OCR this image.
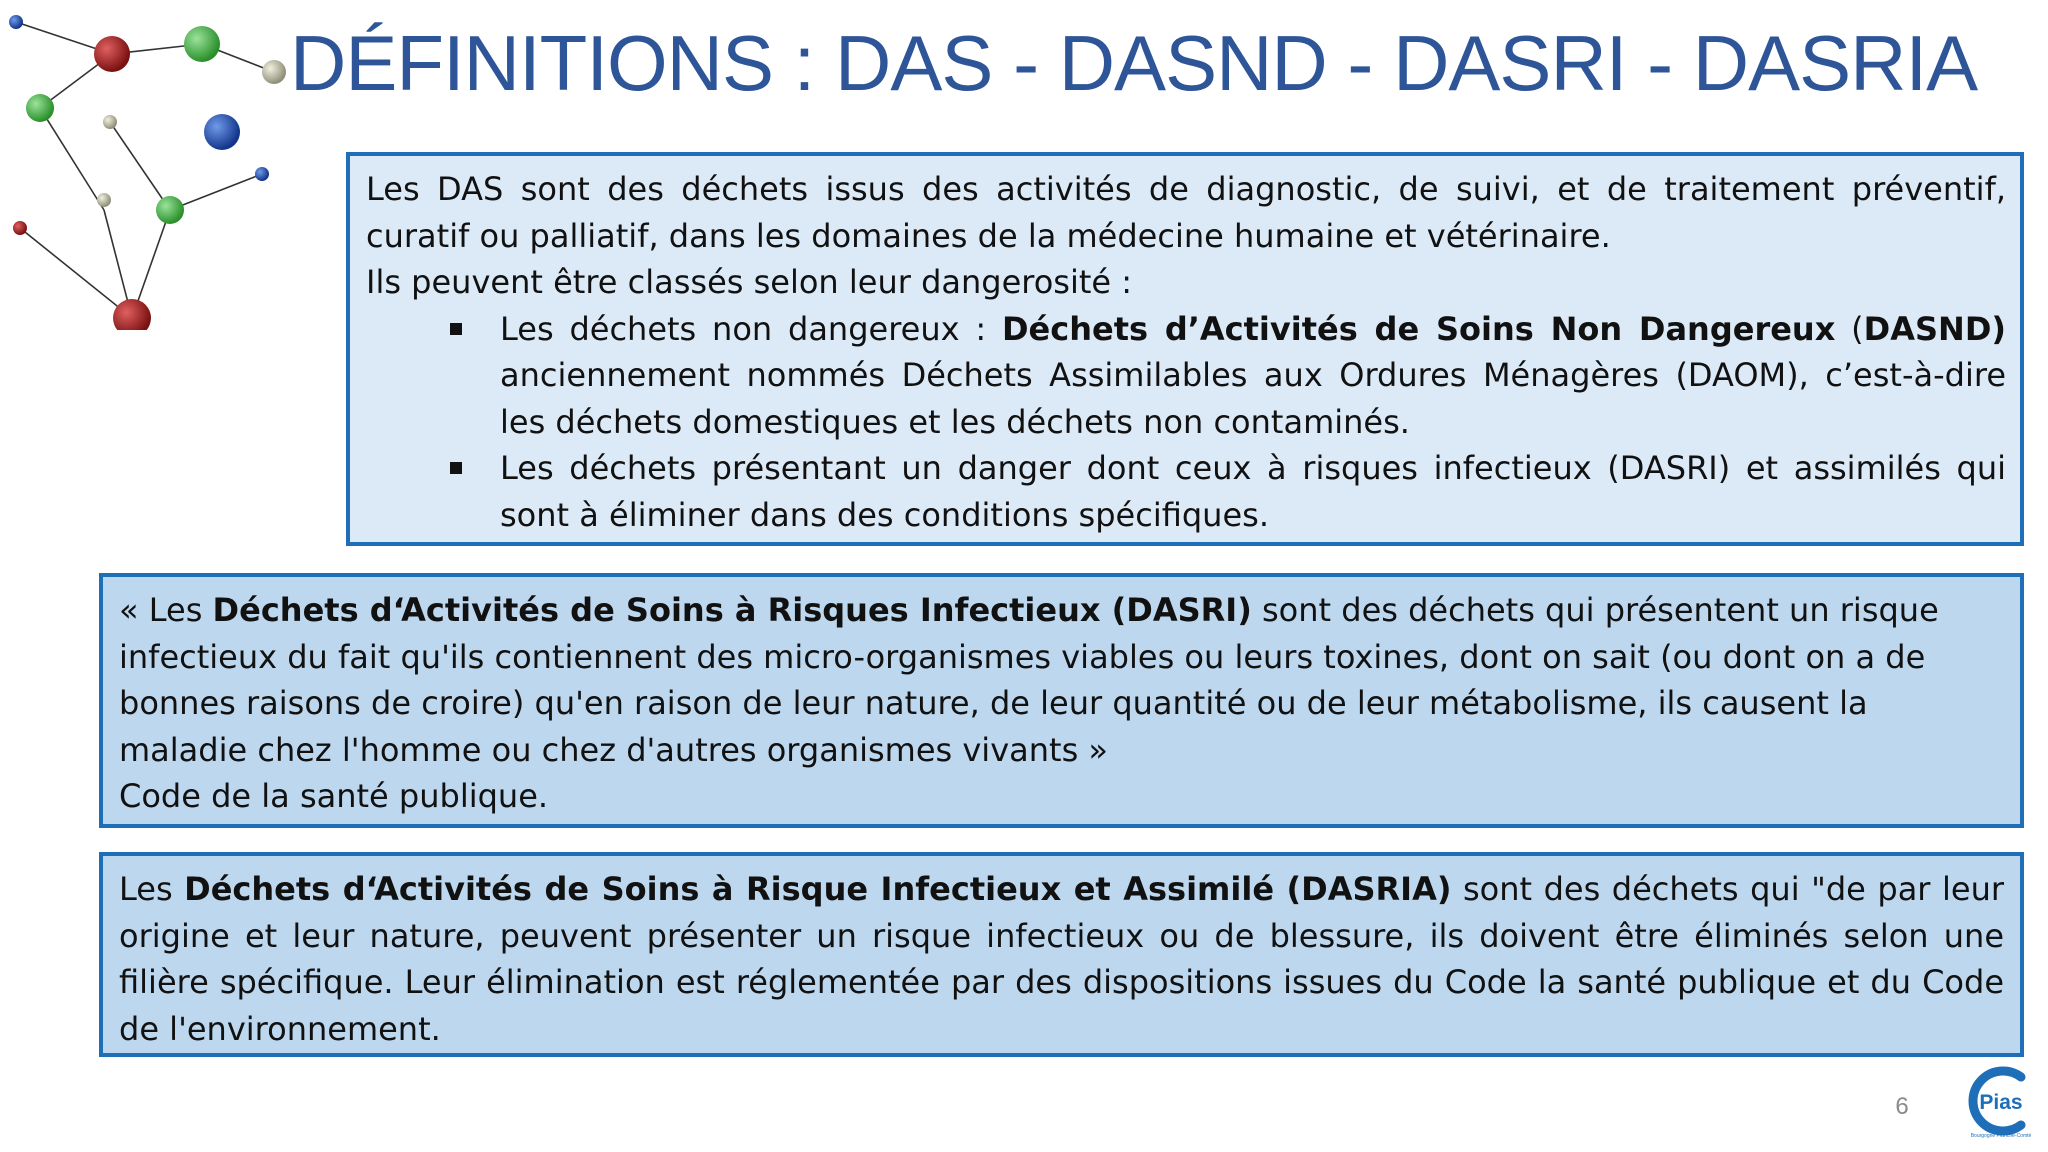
DÉFINITIONS : DAS - DASND - DASRI - DASRIA

Les DAS sont des déchets issus des activités de diagnostic, de suivi, et de traitement préventif, curatif ou palliatif, dans les domaines de la médecine humaine et vétérinaire.

Ils peuvent être classés selon leur dangerosité :

Les déchets non dangereux : Déchets d’Activités de Soins Non Dangereux (DASND) anciennement nommés Déchets Assimilables aux Ordures Ménagères (DAOM), c’est-à-dire les déchets domestiques et les déchets non contaminés.
Les déchets présentant un danger dont ceux à risques infectieux (DASRI) et assimilés qui sont à éliminer dans des conditions spécifiques.

« Les Déchets d‘Activités de Soins à Risques Infectieux (DASRI) sont des déchets qui présentent un risque infectieux du fait qu'ils contiennent des micro-organismes viables ou leurs toxines, dont on sait (ou dont on a de bonnes raisons de croire) qu'en raison de leur nature, de leur quantité ou de leur métabolisme, ils causent la maladie chez l'homme ou chez d'autres organismes vivants »

Code de la santé publique.

Les Déchets d‘Activités de Soins à Risque Infectieux et Assimilé (DASRIA) sont des déchets qui "de par leur origine et leur nature, peuvent présenter un risque infectieux ou de blessure, ils doivent être éliminés selon une filière spécifique. Leur élimination est réglementée par des dispositions issues du Code la santé publique et du Code de l'environnement.

6	Pias
Bourgogne Franche-Comté
